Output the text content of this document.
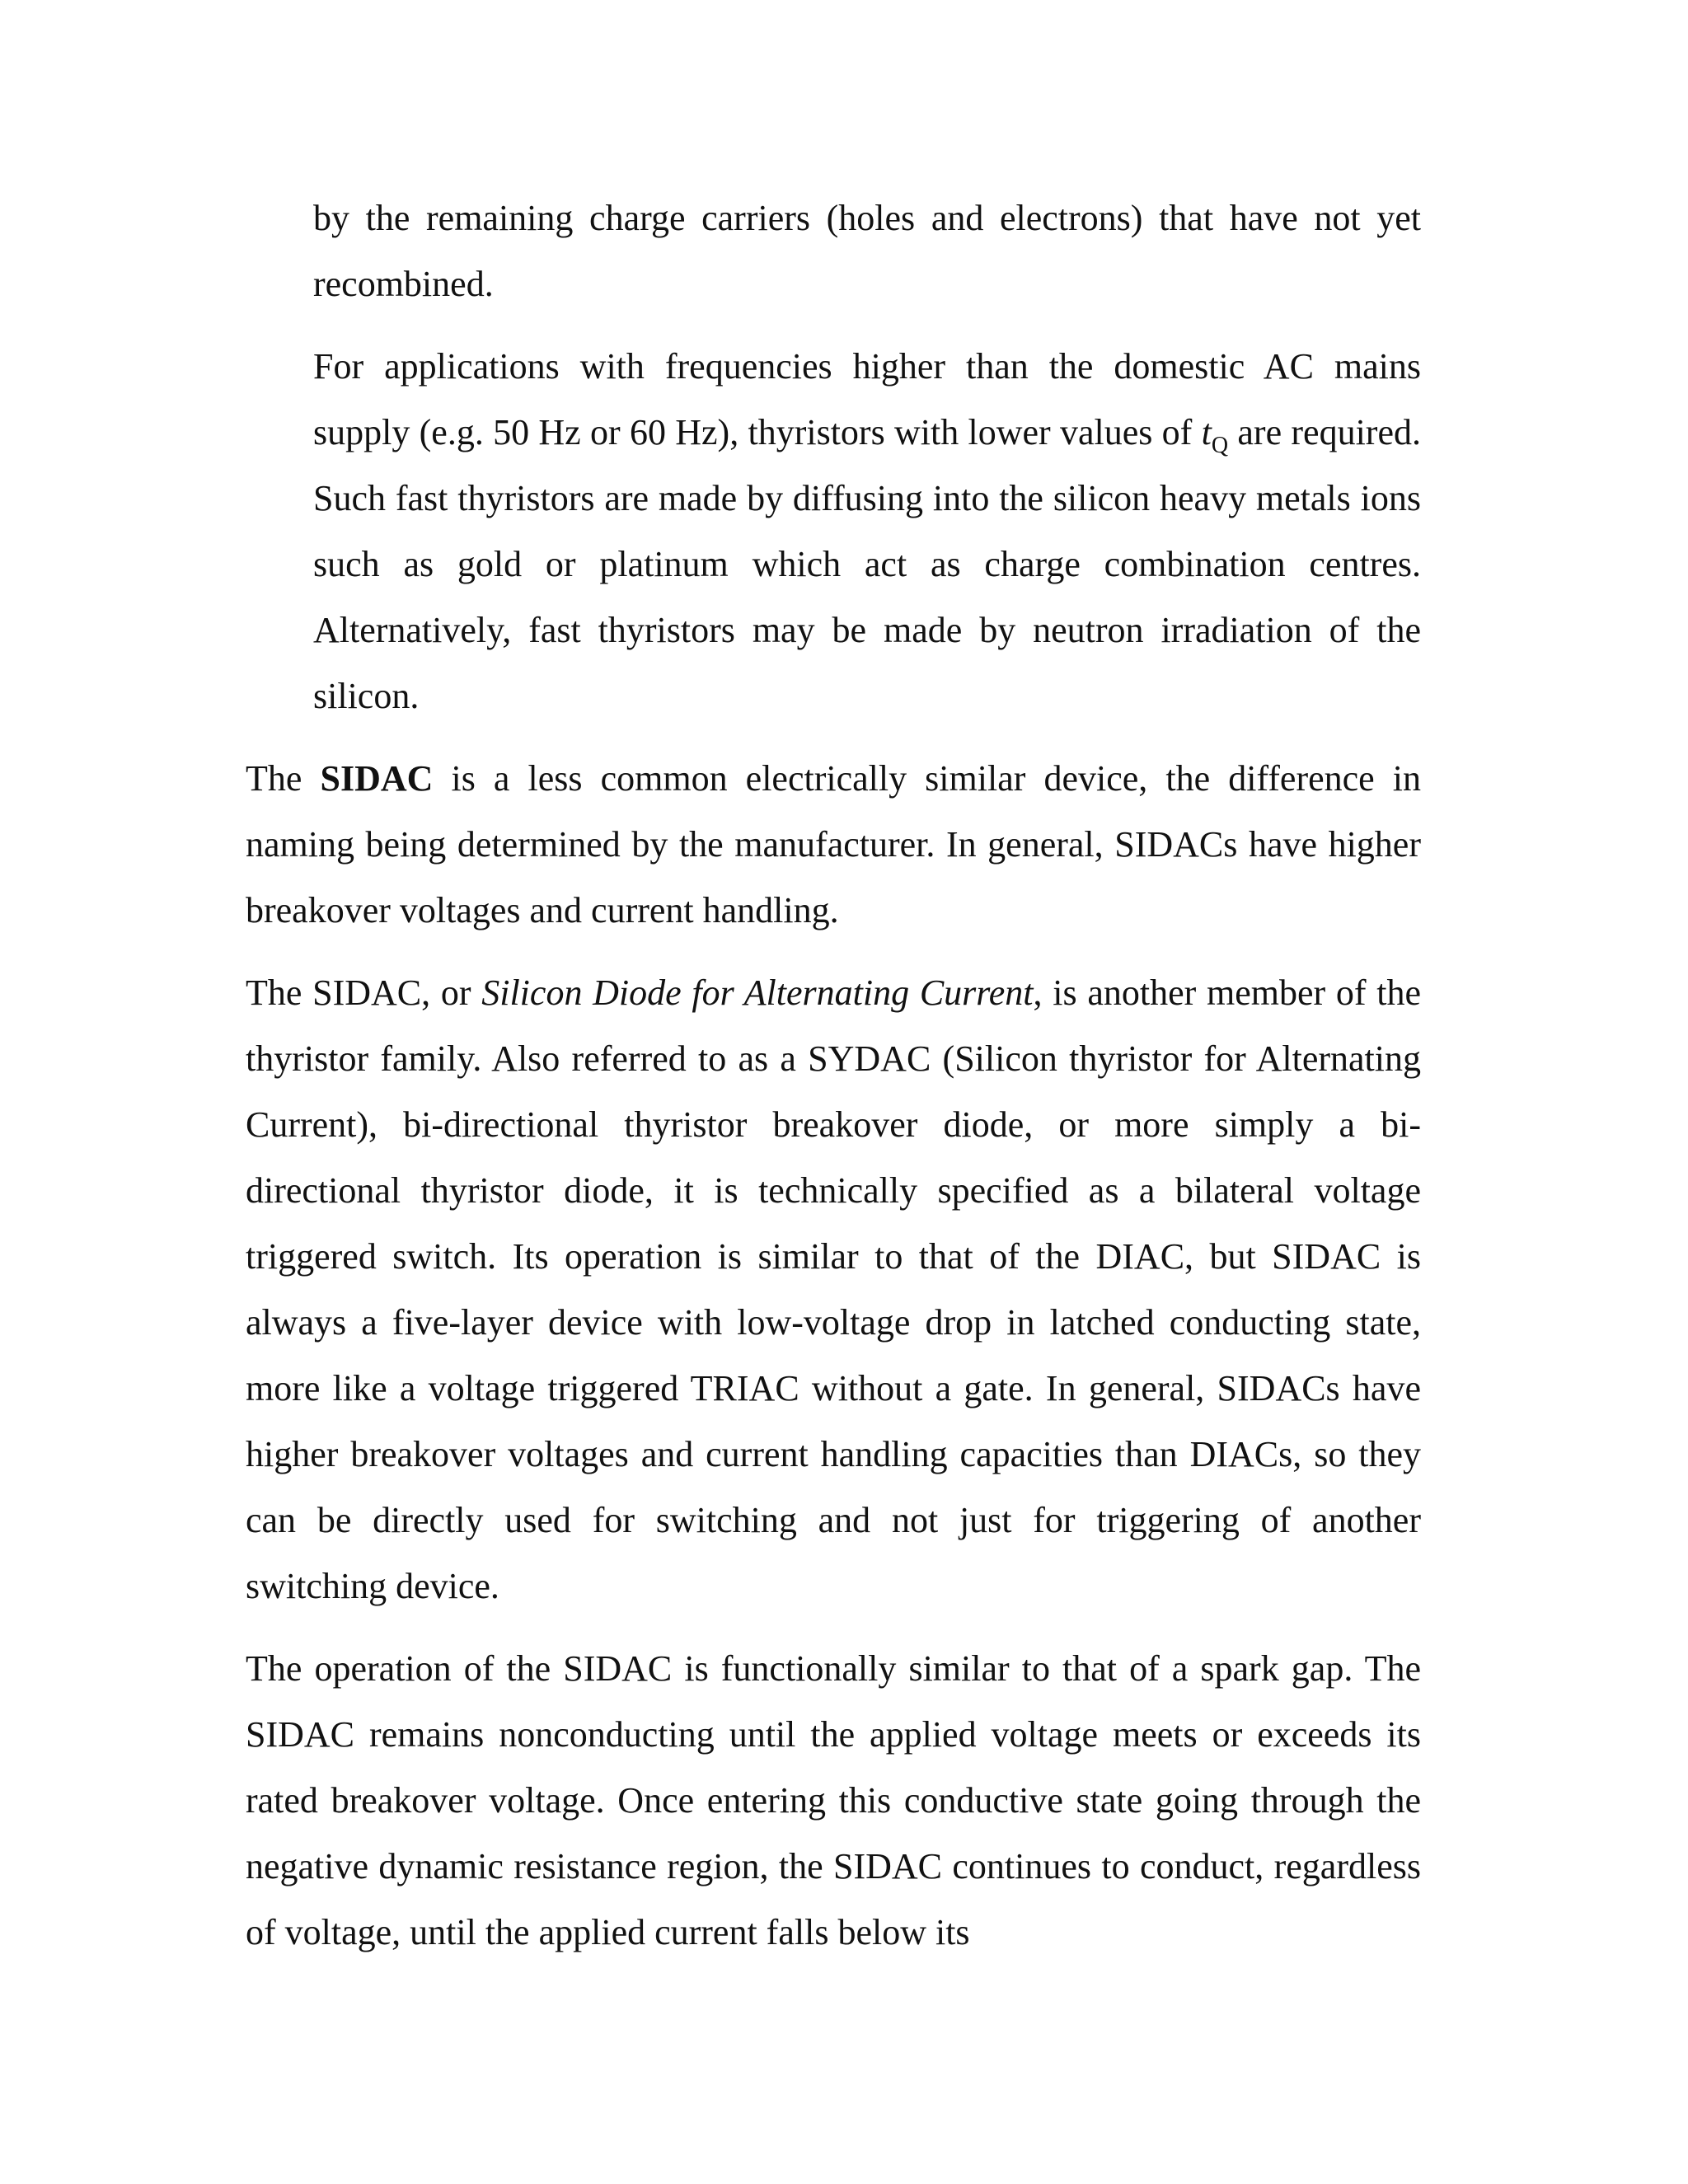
by the remaining charge carriers (holes and electrons) that have not yet recombined.

For applications with frequencies higher than the domestic AC mains supply (e.g. 50 Hz or 60 Hz), thyristors with lower values of $t_Q$ are required. Such fast thyristors are made by diffusing into the silicon heavy metals ions such as gold or platinum which act as charge combination centres. Alternatively, fast thyristors may be made by neutron irradiation of the silicon.

The SIDAC is a less common electrically similar device, the difference in naming being determined by the manufacturer. In general, SIDACs have higher breakover voltages and current handling.

The SIDAC, or Silicon Diode for Alternating Current, is another member of the thyristor family. Also referred to as a SYDAC (Silicon thyristor for Alternating Current), bi-directional thyristor breakover diode, or more simply a bi-directional thyristor diode, it is technically specified as a bilateral voltage triggered switch. Its operation is similar to that of the DIAC, but SIDAC is always a five-layer device with low-voltage drop in latched conducting state, more like a voltage triggered TRIAC without a gate. In general, SIDACs have higher breakover voltages and current handling capacities than DIACs, so they can be directly used for switching and not just for triggering of another switching device.

The operation of the SIDAC is functionally similar to that of a spark gap. The SIDAC remains nonconducting until the applied voltage meets or exceeds its rated breakover voltage. Once entering this conductive state going through the negative dynamic resistance region, the SIDAC continues to conduct, regardless of voltage, until the applied current falls below its
